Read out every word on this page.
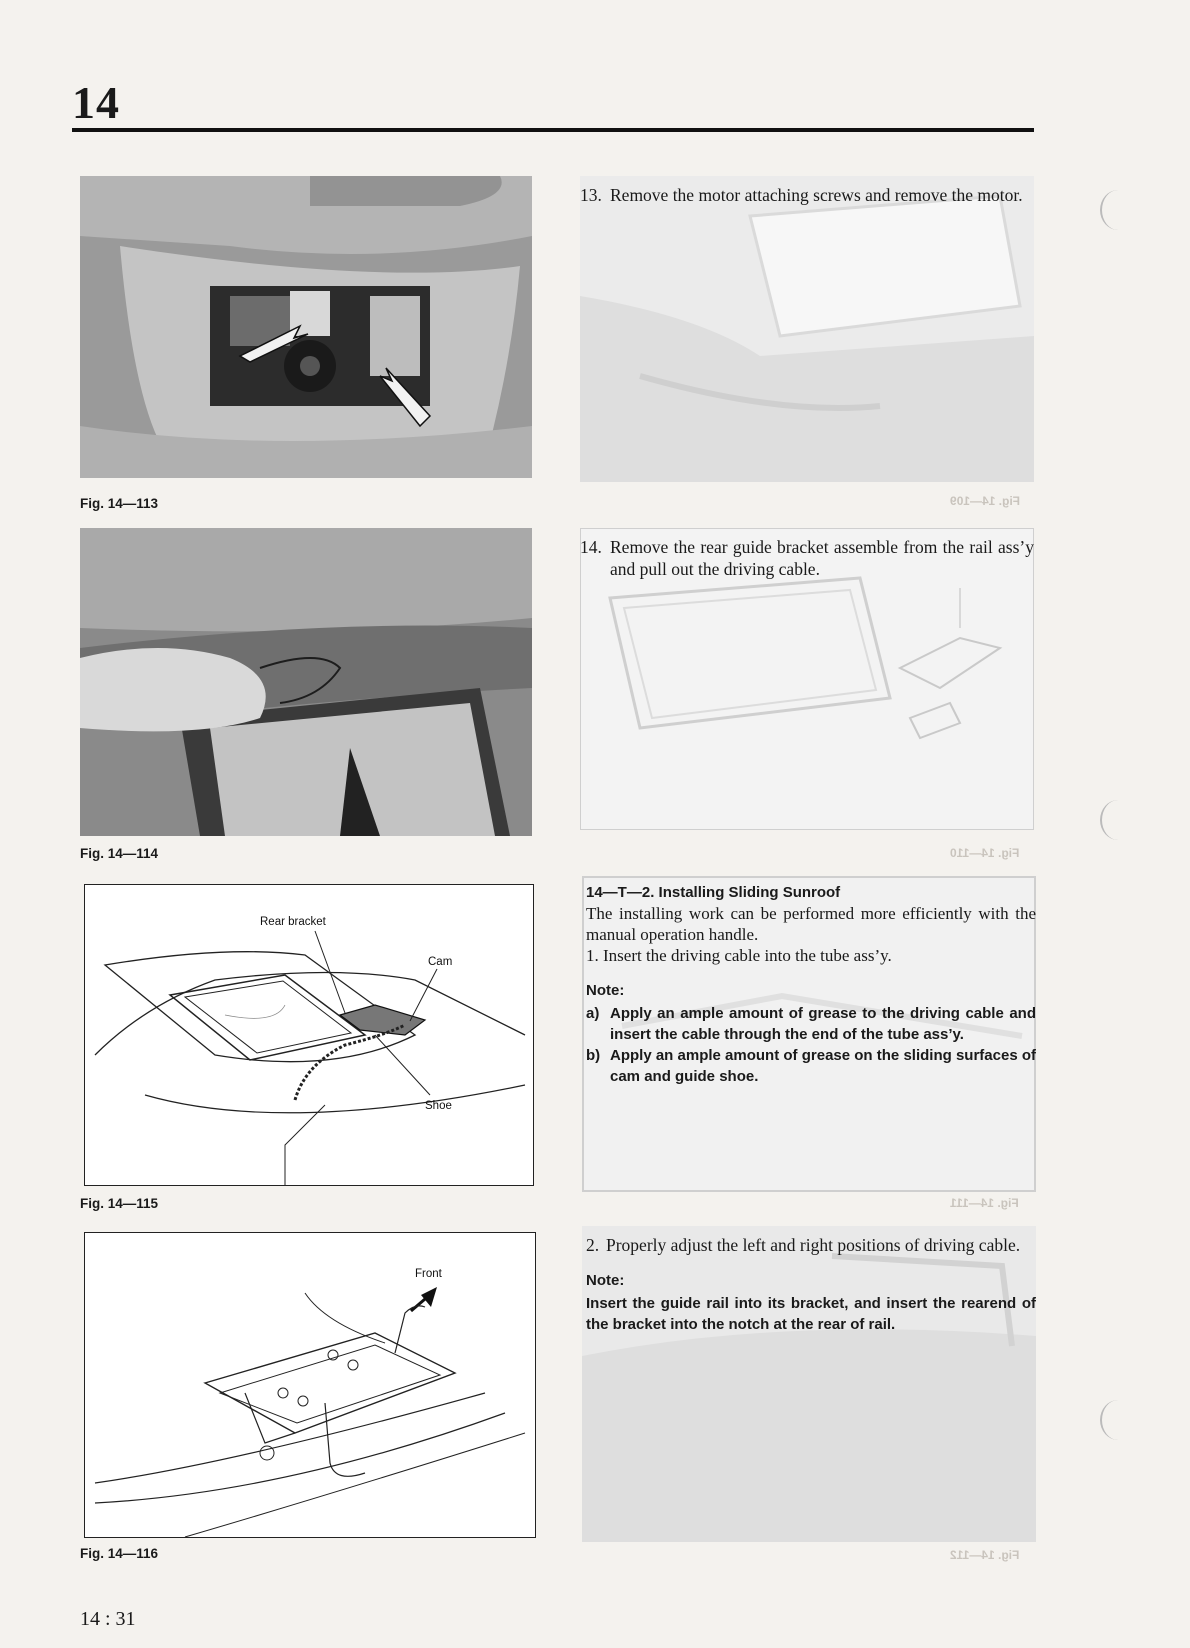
14
Fig. 14—113

13. Remove the motor attaching screws and remove the motor.

Fig. 14—109
Fig. 14—114

14. Remove the rear guide bracket assemble from the rail ass’y and pull out the driving cable.

Fig. 14—110
Rear bracket
Cam
Shoe
Fig. 14—115

14—T—2. Installing Sliding Sunroof

The installing work can be performed more efficiently with the manual operation handle.

1. Insert the driving cable into the tube ass’y.

Note:

a) Apply an ample amount of grease to the driving cable and insert the cable through the end of the tube ass’y.

b) Apply an ample amount of grease on the sliding surfaces of cam and guide shoe.

Fig. 14—111
Front
Fig. 14—116

2. Properly adjust the left and right positions of driving cable.

Note:

Insert the guide rail into its bracket, and insert the rearend of the bracket into the notch at the rear of rail.

Fig. 14—112
14 : 31
